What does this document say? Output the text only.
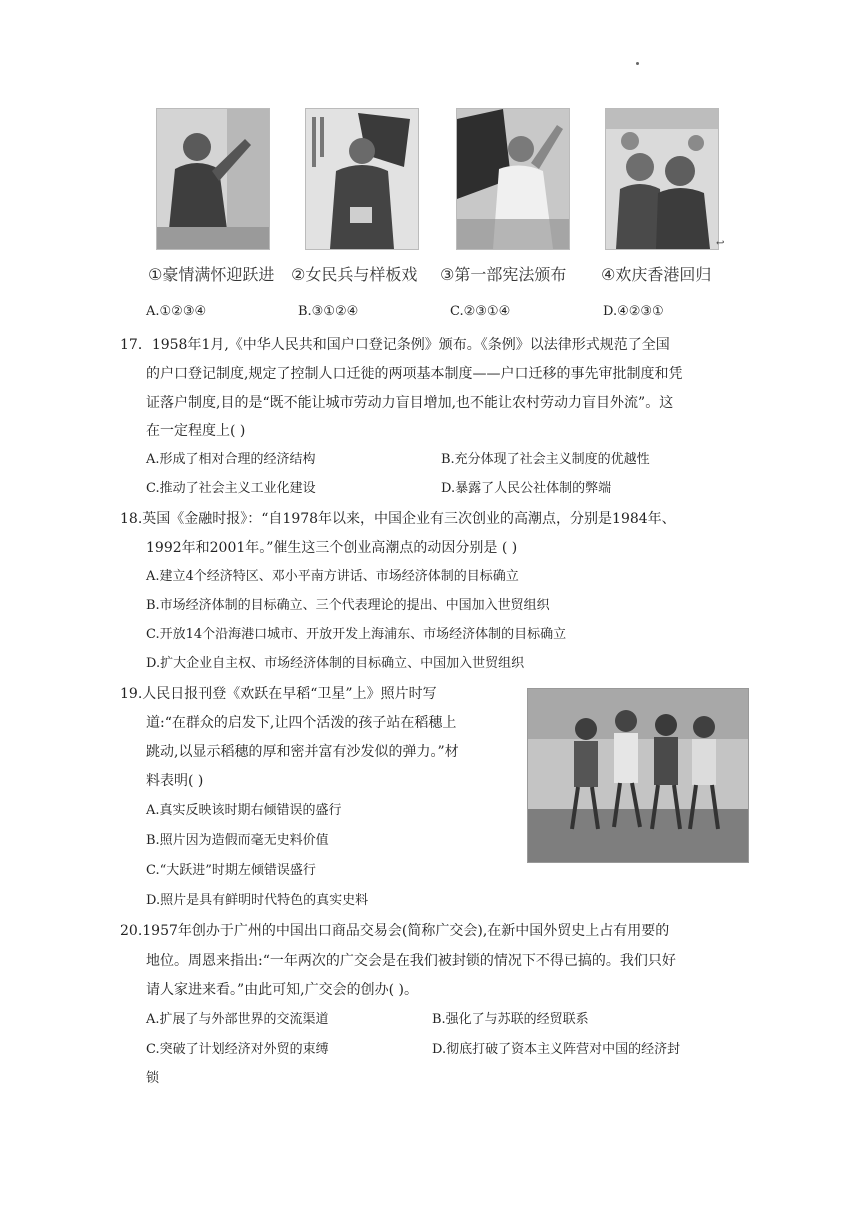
↩
①豪情满怀迎跃进 ②女民兵与样板戏 ③第一部宪法颁布 ④欢庆香港回归
A.①②③④	B.③①②④	C.②③①④	D.④②③①
17．1958年1月,《中华人民共和国户口登记条例》颁布。《条例》以法律形式规范了全国
的户口登记制度,规定了控制人口迁徙的两项基本制度——户口迁移的事先审批制度和凭
证落户制度,目的是“既不能让城市劳动力盲目增加,也不能让农村劳动力盲目外流”。这
在一定程度上( )
A.形成了相对合理的经济结构	B.充分体现了社会主义制度的优越性
C.推动了社会主义工业化建设	D.暴露了人民公社体制的弊端
18.英国《金融时报》：“自1978年以来，中国企业有三次创业的高潮点，分别是1984年、
1992年和2001年。”催生这三个创业高潮点的动因分别是 ( )
A.建立4个经济特区、邓小平南方讲话、市场经济体制的目标确立
B.市场经济体制的目标确立、三个代表理论的提出、中国加入世贸组织
C.开放14个沿海港口城市、开放开发上海浦东、市场经济体制的目标确立
D.扩大企业自主权、市场经济体制的目标确立、中国加入世贸组织
19.人民日报刊登《欢跃在早稻“卫星”上》照片时写
道:“在群众的启发下,让四个活泼的孩子站在稻穗上
跳动,以显示稻穗的厚和密并富有沙发似的弹力。”材
料表明( )
A.真实反映该时期右倾错误的盛行
B.照片因为造假而毫无史料价值
C.“大跃进”时期左倾错误盛行
D.照片是具有鲜明时代特色的真实史料
20.1957年创办于广州的中国出口商品交易会(简称广交会),在新中国外贸史上占有用要的
地位。周恩来指出:“一年两次的广交会是在我们被封锁的情况下不得已搞的。我们只好
请人家进来看。”由此可知,广交会的创办( )。
A.扩展了与外部世界的交流渠道	B.强化了与苏联的经贸联系
C.突破了计划经济对外贸的束缚	D.彻底打破了资本主义阵营对中国的经济封
锁
